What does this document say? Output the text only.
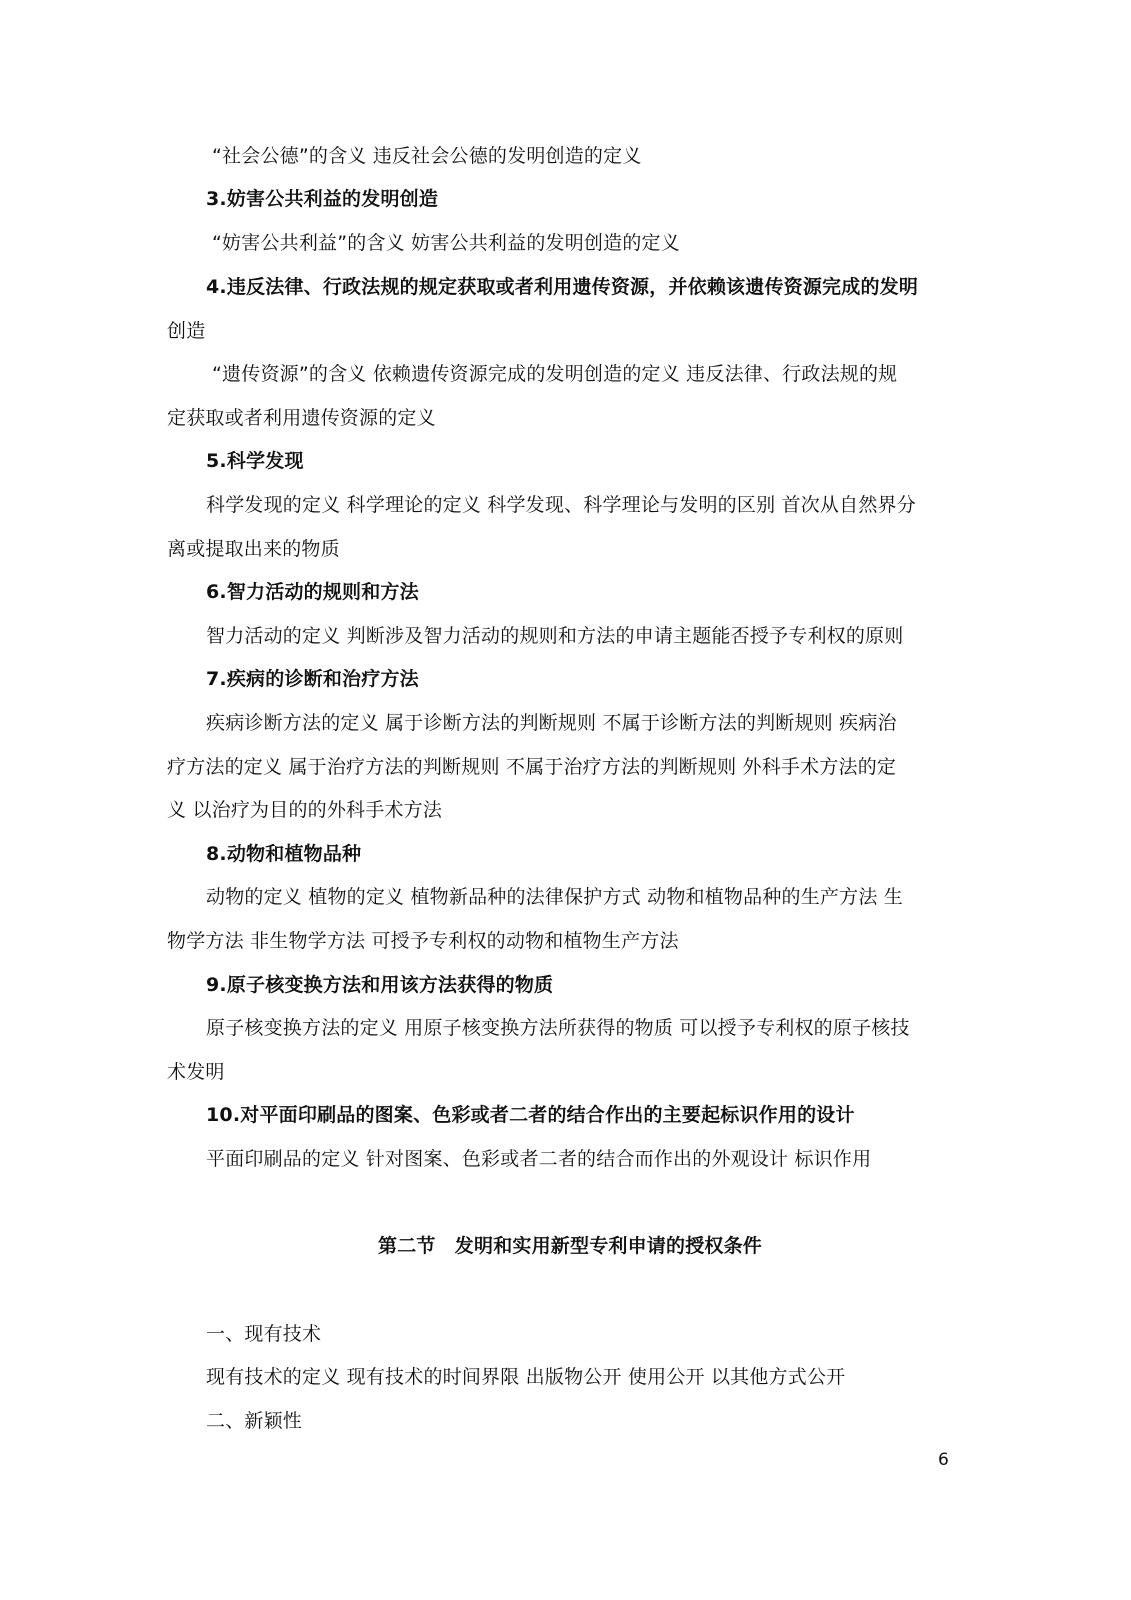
“社会公德”的含义 违反社会公德的发明创造的定义

3.妨害公共利益的发明创造

“妨害公共利益”的含义 妨害公共利益的发明创造的定义

4.违反法律、行政法规的规定获取或者利用遗传资源，并依赖该遗传资源完成的发明

创造

“遗传资源”的含义 依赖遗传资源完成的发明创造的定义 违反法律、行政法规的规

定获取或者利用遗传资源的定义

5.科学发现

科学发现的定义 科学理论的定义 科学发现、科学理论与发明的区别 首次从自然界分

离或提取出来的物质

6.智力活动的规则和方法

智力活动的定义 判断涉及智力活动的规则和方法的申请主题能否授予专利权的原则

7.疾病的诊断和治疗方法

疾病诊断方法的定义 属于诊断方法的判断规则 不属于诊断方法的判断规则 疾病治

疗方法的定义 属于治疗方法的判断规则 不属于治疗方法的判断规则 外科手术方法的定

义 以治疗为目的的外科手术方法

8.动物和植物品种

动物的定义 植物的定义 植物新品种的法律保护方式 动物和植物品种的生产方法 生

物学方法 非生物学方法 可授予专利权的动物和植物生产方法

9.原子核变换方法和用该方法获得的物质

原子核变换方法的定义 用原子核变换方法所获得的物质 可以授予专利权的原子核技

术发明

10.对平面印刷品的图案、色彩或者二者的结合作出的主要起标识作用的设计

平面印刷品的定义 针对图案、色彩或者二者的结合而作出的外观设计 标识作用

第二节　发明和实用新型专利申请的授权条件

一、现有技术

现有技术的定义 现有技术的时间界限 出版物公开 使用公开 以其他方式公开

二、新颖性

6
